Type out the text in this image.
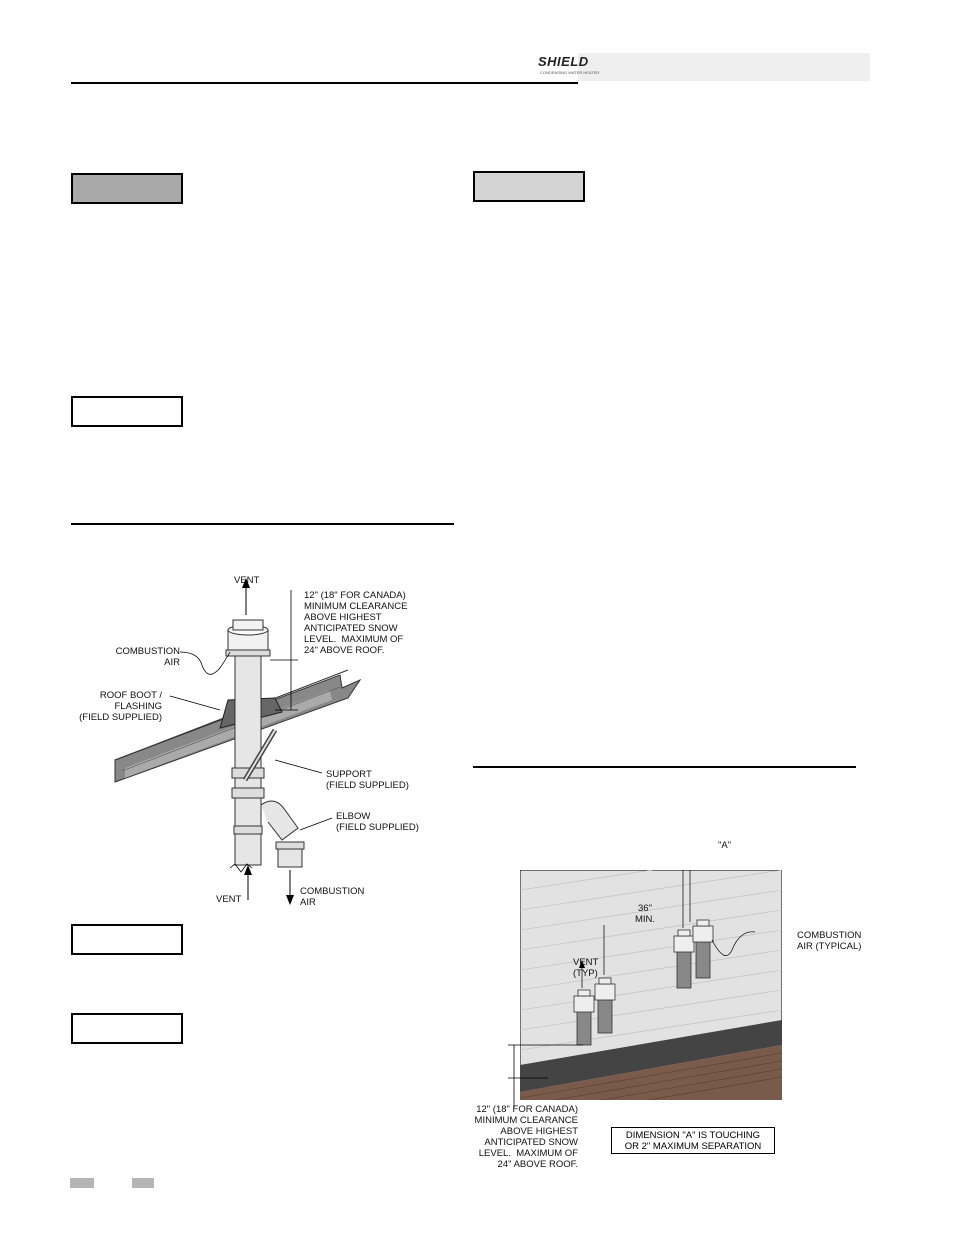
SHIELD
CONDENSING WATER HEATER
VENT
12" (18" FOR CANADA)
MINIMUM CLEARANCE
ABOVE HIGHEST
ANTICIPATED SNOW
LEVEL.  MAXIMUM OF
24" ABOVE ROOF.
COMBUSTION
AIR
ROOF BOOT /
FLASHING
(FIELD SUPPLIED)
SUPPORT
(FIELD SUPPLIED)
ELBOW
(FIELD SUPPLIED)
VENT
COMBUSTION
AIR
"A"
36"
MIN.
VENT
(TYP)
COMBUSTION
AIR (TYPICAL)
12" (18" FOR CANADA)
MINIMUM CLEARANCE
ABOVE HIGHEST
ANTICIPATED SNOW
LEVEL.  MAXIMUM OF
24" ABOVE ROOF.
DIMENSION "A" IS TOUCHING
OR 2" MAXIMUM SEPARATION
